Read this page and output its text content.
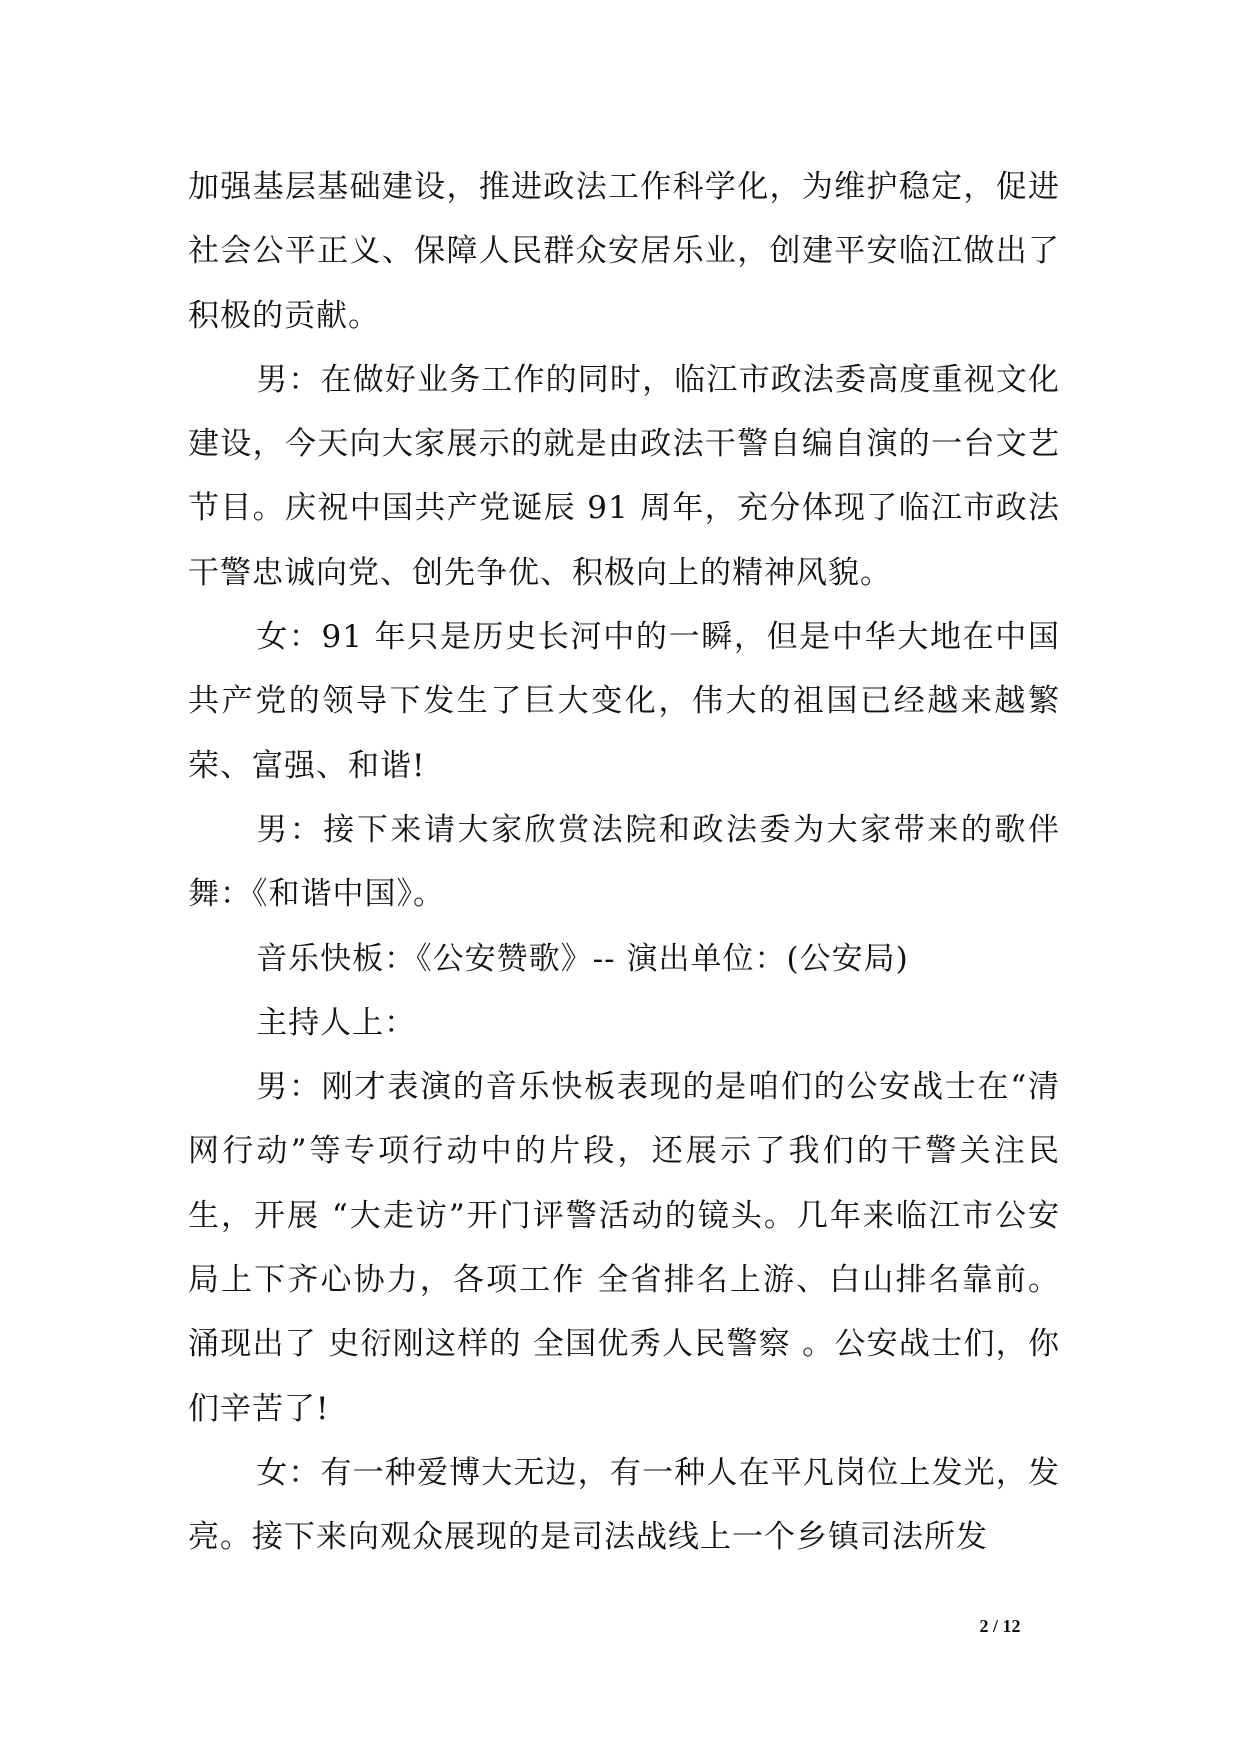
加强基层基础建设，推进政法工作科学化，为维护稳定，促进社会公平正义、保障人民群众安居乐业，创建平安临江做出了积极的贡献。

男：在做好业务工作的同时，临江市政法委高度重视文化建设，今天向大家展示的就是由政法干警自编自演的一台文艺节目。庆祝中国共产党诞辰 91 周年，充分体现了临江市政法干警忠诚向党、创先争优、积极向上的精神风貌。

女：91 年只是历史长河中的一瞬，但是中华大地在中国共产党的领导下发生了巨大变化，伟大的祖国已经越来越繁荣、富强、和谐!

男：接下来请大家欣赏法院和政法委为大家带来的歌伴舞：《和谐中国》。

音乐快板：《公安赞歌》-- 演出单位：(公安局)

主持人上：

男：刚才表演的音乐快板表现的是咱们的公安战士在“清网行动”等专项行动中的片段，还展示了我们的干警关注民生，开展 “大走访”开门评警活动的镜头。几年来临江市公安局上下齐心协力，各项工作 全省排名上游、白山排名靠前。 涌现出了 史衍刚这样的 全国优秀人民警察 。公安战士们，你们辛苦了!

女：有一种爱博大无边，有一种人在平凡岗位上发光，发亮。接下来向观众展现的是司法战线上一个乡镇司法所发

2 / 12
